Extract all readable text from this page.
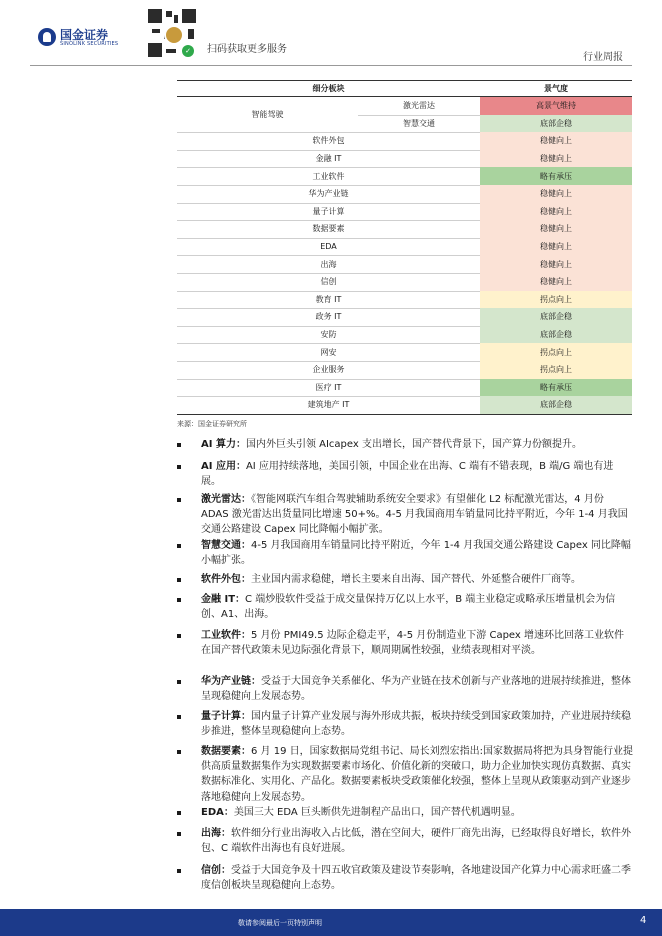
国金证券
SINOLINK SECURITIES
✓	扫码获取更多服务
行业周报
细分板块	景气度
智能驾驶
激光雷达	高景气维持
智慧交通	底部企稳
软件外包	稳健向上
金融 IT	稳健向上
工业软件	略有承压
华为产业链	稳健向上
量子计算	稳健向上
数据要素	稳健向上
EDA	稳健向上
出海	稳健向上
信创	稳健向上
教育 IT	拐点向上
政务 IT	底部企稳
安防	底部企稳
网安	拐点向上
企业服务	拐点向上
医疗 IT	略有承压
建筑地产 IT	底部企稳
来源：国金证券研究所
AI 算力：国内外巨头引领 AIcapex 支出增长，国产替代背景下，国产算力份额提升。
AI 应用：AI 应用持续落地，美国引领，中国企业在出海、C 端有不错表现，B 端/G 端也有进展。
激光雷达：《智能网联汽车组合驾驶辅助系统安全要求》有望催化 L2 标配激光雷达，4 月份 ADAS 激光雷达出货量同比增速 50+%。4-5 月我国商用车销量同比持平附近，今年 1-4 月我国交通公路建设 Capex 同比降幅小幅扩张。
智慧交通：4-5 月我国商用车销量同比持平附近，今年 1-4 月我国交通公路建设 Capex 同比降幅小幅扩张。
软件外包：主业国内需求稳健，增长主要来自出海、国产替代、外延整合硬件厂商等。
金融 IT：C 端炒股软件受益于成交量保持万亿以上水平，B 端主业稳定或略承压增量机会为信创、A1、出海。
工业软件：5 月份 PMI49.5 边际企稳走平，4-5 月份制造业下游 Capex 增速环比回落工业软件在国产替代政策未见边际强化背景下，顺周期属性较强，业绩表现相对平淡。
华为产业链：受益于大国竞争关系催化、华为产业链在技术创新与产业落地的进展持续推进，整体呈现稳健向上发展态势。
量子计算：国内量子计算产业发展与海外形成共振，板块持续受到国家政策加持，产业进展持续稳步推进，整体呈现稳健向上态势。
数据要素：6 月 19 日，国家数据局党组书记、局长刘烈宏指出:国家数据局将把为具身智能行业提供高质量数据集作为实现数据要素市场化、价值化新的突破口，助力企业加快实现仿真数据、真实数据标准化、实用化、产品化。数据要素板块受政策催化较强，整体上呈现从政策驱动到产业逐步落地稳健向上发展态势。
EDA：美国三大 EDA 巨头断供先进制程产品出口，国产替代机遇明显。
出海：软件细分行业出海收入占比低，潜在空间大，硬件厂商先出海，已经取得良好增长，软件外包、C 端软件出海也有良好进展。
信创：受益于大国竞争及十四五收官政策及建设节奏影响，各地建设国产化算力中心需求旺盛二季度信创板块呈现稳健向上态势。
敬请参阅最后一页特别声明	4
